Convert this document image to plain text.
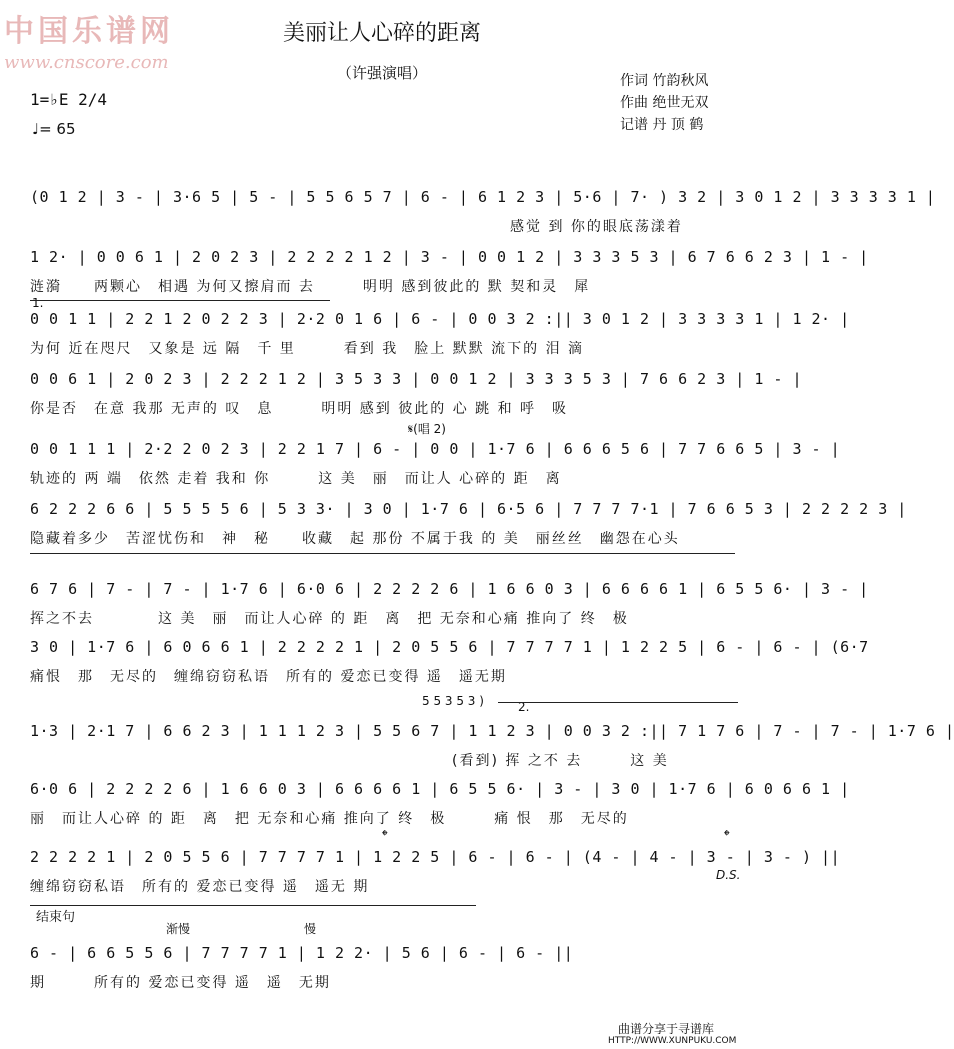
中国乐谱网
www.cnscore.com
美丽让人心碎的距离
（许强演唱）
1=♭E 2/4
♩= 65
作词 竹韵秋风
作曲 绝世无双
记谱 丹 顶 鹤
(0 1 2 | 3 - | 3·6 5 | 5 - | 5 5 6 5 7 | 6 - | 6 1 2 3 | 5·6 | 7· ) 3 2 | 3 0 1 2 | 3 3 3 3 1 |
感觉 到 你的眼底荡漾着
1 2· | 0 0 6 1 | 2 0 2 3 | 2 2 2 2 1 2 | 3 - | 0 0 1 2 | 3 3 3 5 3 | 6 7 6 6 2 3 | 1 - |
涟漪　　两颗心　相遇 为何又擦肩而 去　　　明明 感到彼此的 默 契和灵　犀
1.
0 0 1 1 | 2 2 1 2 0 2 2 3 | 2·2 0 1 6 | 6 - | 0 0 3 2 :|| 3 0 1 2 | 3 3 3 3 1 | 1 2· |
为何 近在咫尺　又象是 远 隔　千 里　　　看到 我　脸上 默默 流下的 泪 滴
0 0 6 1 | 2 0 2 3 | 2 2 2 1 2 | 3 5 3 3 | 0 0 1 2 | 3 3 3 5 3 | 7 6 6 2 3 | 1 - |
你是否　在意 我那 无声的 叹　息　　　明明 感到 彼此的 心 跳 和 呼　吸
𝄋(唱 2)
0 0 1 1 1 | 2·2 2 0 2 3 | 2 2 1 7 | 6 - | 0 0 | 1·7 6 | 6 6 6 5 6 | 7 7 6 6 5 | 3 - |
轨迹的 两 端　依然 走着 我和 你　　　这 美　丽　而让人 心碎的 距　离
6 2 2 2 6 6 | 5 5 5 5 6 | 5 3 3· | 3 0 | 1·7 6 | 6·5 6 | 7 7 7 7·1 | 7 6 6 5 3 | 2 2 2 2 3 |
隐藏着多少　苦涩忧伤和　神　秘　　收藏　起 那份 不属于我 的 美　丽丝丝　幽怨在心头
6 7 6 | 7 - | 7 - | 1·7 6 | 6·0 6 | 2 2 2 2 6 | 1 6 6 0 3 | 6 6 6 6 1 | 6 5 5 6· | 3 - |
挥之不去　　　　这 美　丽　而让人心碎 的 距　离　把 无奈和心痛 推向了 终　极
3 0 | 1·7 6 | 6 0 6 6 1 | 2 2 2 2 1 | 2 0 5 5 6 | 7 7 7 7 1 | 1 2 2 5 | 6 - | 6 - | (6·7
痛恨　那　无尽的　缠绵窃窃私语　所有的 爱恋已变得 遥　遥无期
5 5 3 5 3 )	2.
1·3 | 2·1 7 | 6 6 2 3 | 1 1 1 2 3 | 5 5 6 7 | 1 1 2 3 | 0 0 3 2 :|| 7 1 7 6 | 7 - | 7 - | 1·7 6 |
(看到) 挥 之不 去　　　这 美
6·0 6 | 2 2 2 2 6 | 1 6 6 0 3 | 6 6 6 6 1 | 6 5 5 6· | 3 - | 3 0 | 1·7 6 | 6 0 6 6 1 |
丽　而让人心碎 的 距　离　把 无奈和心痛 推向了 终　极　　　痛 恨　那　无尽的
𝄌	𝄌
2 2 2 2 1 | 2 0 5 5 6 | 7 7 7 7 1 | 1 2 2 5 | 6 - | 6 - | (4 - | 4 - | 3 - | 3 - ) ||
D.S.
缠绵窃窃私语　所有的 爱恋已变得 遥　遥无 期
结束句
渐慢	慢
6 - | 6 6 5 5 6 | 7 7 7 7 1 | 1 2 2· | 5 6 | 6 - | 6 - ||
期　　　所有的 爱恋已变得 遥　遥　无期
曲谱分享于寻谱库
HTTP://WWW.XUNPUKU.COM
